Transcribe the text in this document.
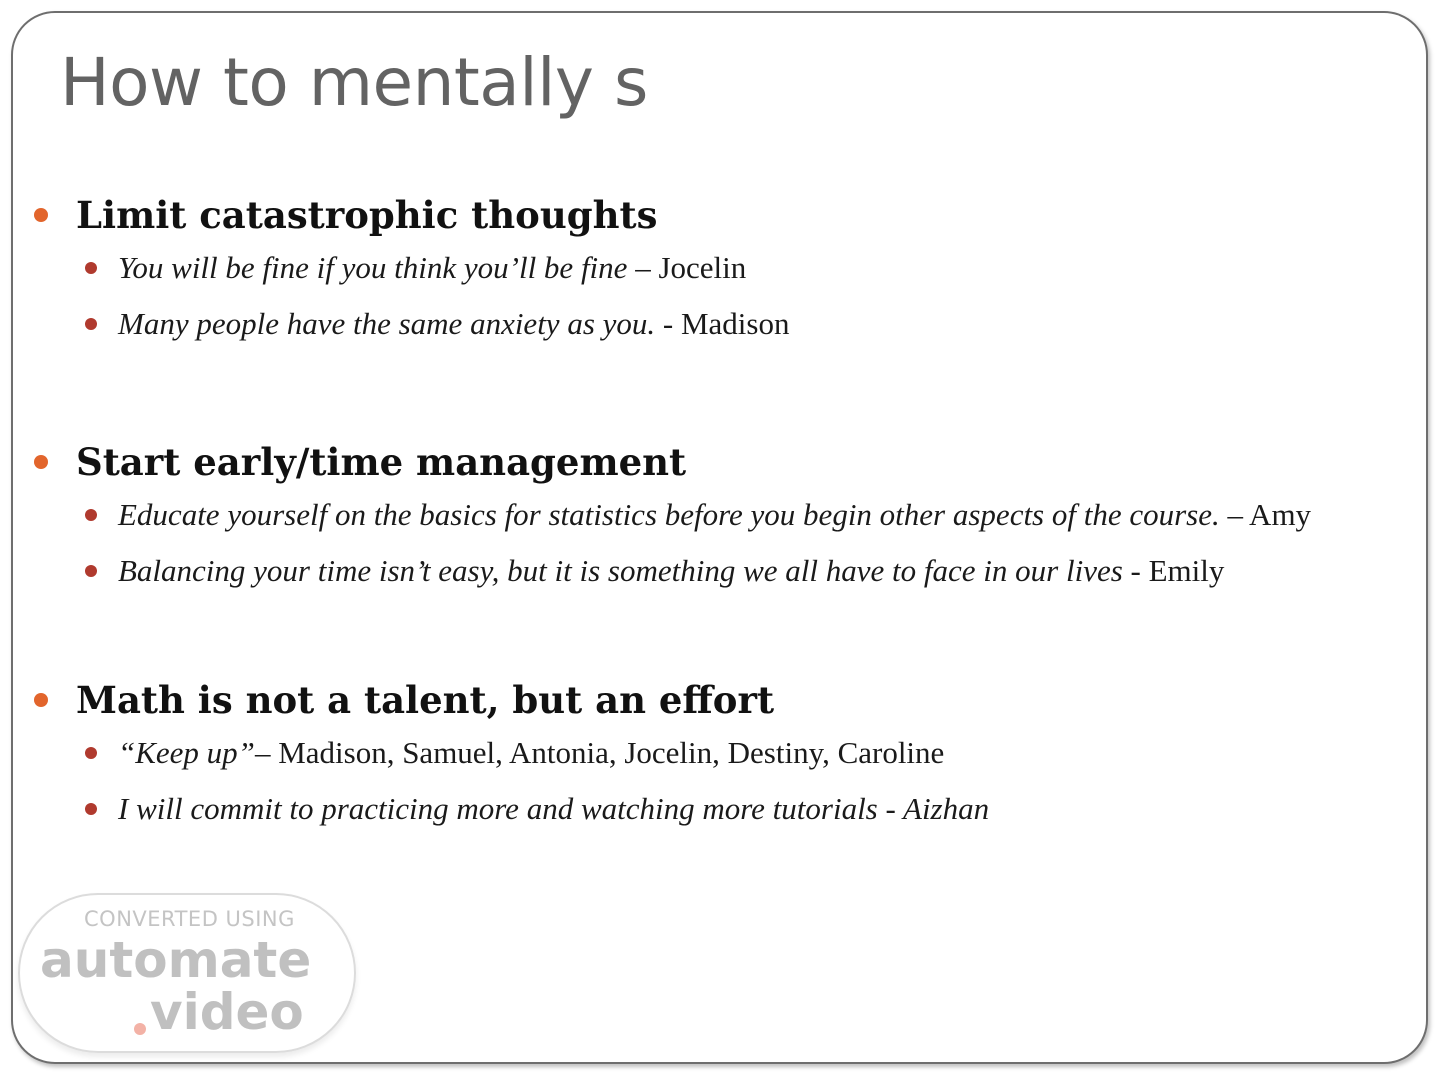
How to mentally s
Limit catastrophic thoughts
You will be fine if you think you’ll be fine – Jocelin
Many people have the same anxiety as you. - Madison
Start early/time management
Educate yourself on the basics for statistics before you begin other aspects of the course. – Amy
Balancing your time isn’t easy, but it is something we all have to face in our lives - Emily
Math is not a talent, but an effort
“Keep up”– Madison, Samuel, Antonia, Jocelin, Destiny, Caroline
I will commit to practicing more and watching more tutorials - Aizhan
CONVERTED USING
automate
video
